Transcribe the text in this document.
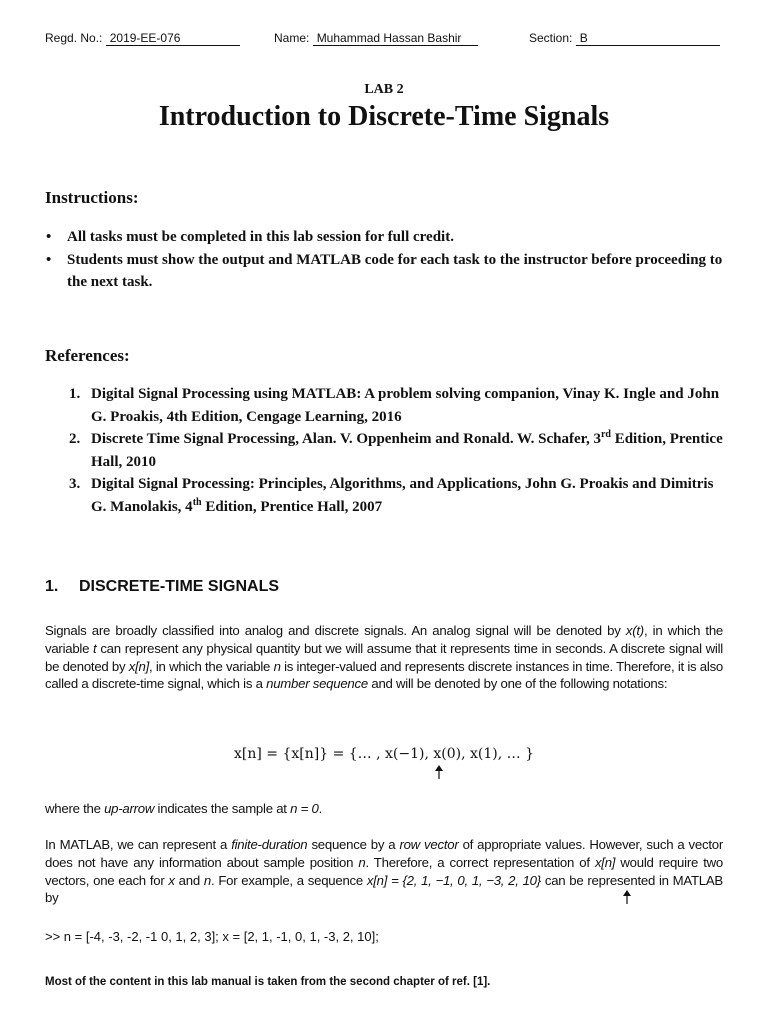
Regd. No.: 2019-EE-076	Name: Muhammad Hassan Bashir	Section: B
LAB 2
Introduction to Discrete-Time Signals
Instructions:
• All tasks must be completed in this lab session for full credit.
• Students must show the output and MATLAB code for each task to the instructor before proceeding to the next task.
References:
1. Digital Signal Processing using MATLAB: A problem solving companion, Vinay K. Ingle and John G. Proakis, 4th Edition, Cengage Learning, 2016
2. Discrete Time Signal Processing, Alan. V. Oppenheim and Ronald. W. Schafer, 3rd Edition, Prentice Hall, 2010
3. Digital Signal Processing: Principles, Algorithms, and Applications, John G. Proakis and Dimitris G. Manolakis, 4th Edition, Prentice Hall, 2007
1. DISCRETE-TIME SIGNALS
Signals are broadly classified into analog and discrete signals. An analog signal will be denoted by x(t), in which the variable t can represent any physical quantity but we will assume that it represents time in seconds. A discrete signal will be denoted by x[n], in which the variable n is integer-valued and represents discrete instances in time. Therefore, it is also called a discrete-time signal, which is a number sequence and will be denoted by one of the following notations:
x[n] = {x[n]} = {… , x(−1), x(0), x(1), … }
where the up-arrow indicates the sample at n = 0.
In MATLAB, we can represent a finite-duration sequence by a row vector of appropriate values. However, such a vector does not have any information about sample position n. Therefore, a correct representation of x[n] would require two vectors, one each for x and n. For example, a sequence x[n] = {2, 1, −1, 0, 1, −3, 2, 10} can be represented in MATLAB by
>> n = [-4, -3, -2, -1 0, 1, 2, 3]; x = [2, 1, -1, 0, 1, -3, 2, 10];
Most of the content in this lab manual is taken from the second chapter of ref. [1].
